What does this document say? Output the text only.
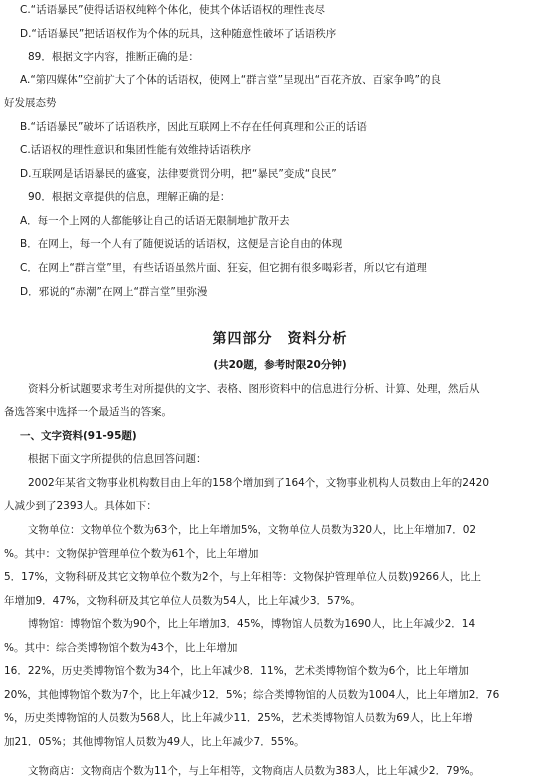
C.“话语暴民”使得话语权纯粹个体化，使其个体话语权的理性丧尽
D.“话语暴民”把话语权作为个体的玩具，这种随意性破坏了话语秩序
89．根据文字内容，推断正确的是：
A.“第四媒体”空前扩大了个体的话语权，使网上“群言堂”呈现出“百花齐放、百家争鸣”的良
好发展态势
B.“话语暴民”破坏了话语秩序，因此互联网上不存在任何真理和公正的话语
C.话语权的理性意识和集团性能有效维持话语秩序
D.互联网是话语暴民的盛宴，法律要赏罚分明，把“暴民”变成“良民”
90．根据文章提供的信息，理解正确的是：
A．每一个上网的人都能够让自己的话语无限制地扩散开去
B．在网上，每一个人有了随便说话的话语权，这便是言论自由的体现
C．在网上“群言堂”里，有些话语虽然片面、狂妄，但它拥有很多喝彩者，所以它有道理
D．邪说的“赤潮”在网上“群言堂”里弥漫
第四部分　资料分析
(共20题，参考时限20分钟)
资料分析试题要求考生对所提供的文字、表格、图形资料中的信息进行分析、计算、处理，然后从
备选答案中选择一个最适当的答案。
一、文字资料(91-95题)
根据下面文字所提供的信息回答问题：
2002年某省文物事业机构数目由上年的158个增加到了164个，文物事业机构人员数由上年的2420
人减少到了2393人。具体如下：
文物单位：文物单位个数为63个，比上年增加5%，文物单位人员数为320人，比上年增加7．02
%。其中：文物保护管理单位个数为61个，比上年增加
5．17%，文物科研及其它文物单位个数为2个，与上年相等：文物保护管理单位人员数)9266人，比上
年增加9．47%，文物科研及其它单位人员数为54人，比上年减少3．57%。
博物馆：博物馆个数为90个，比上年增加3．45%，博物馆人员数为1690人，比上年减少2．14
%。其中：综合类博物馆个数为43个，比上年增加
16．22%，历史类博物馆个数为34个，比上年减少8．11%，艺术类博物馆个数为6个，比上年增加
20%，其他博物馆个数为7个，比上年减少12．5%；综合类博物馆的人员数为1004人，比上年增加2．76
%，历史类博物馆的人员数为568人，比上年减少11．25%，艺术类博物馆人员数为69人，比上年增
加21．05%；其他博物馆人员数为49人，比上年减少7．55%。
文物商店：文物商店个数为11个，与上年相等，文物商店人员数为383人，比上年减少2．79%。
